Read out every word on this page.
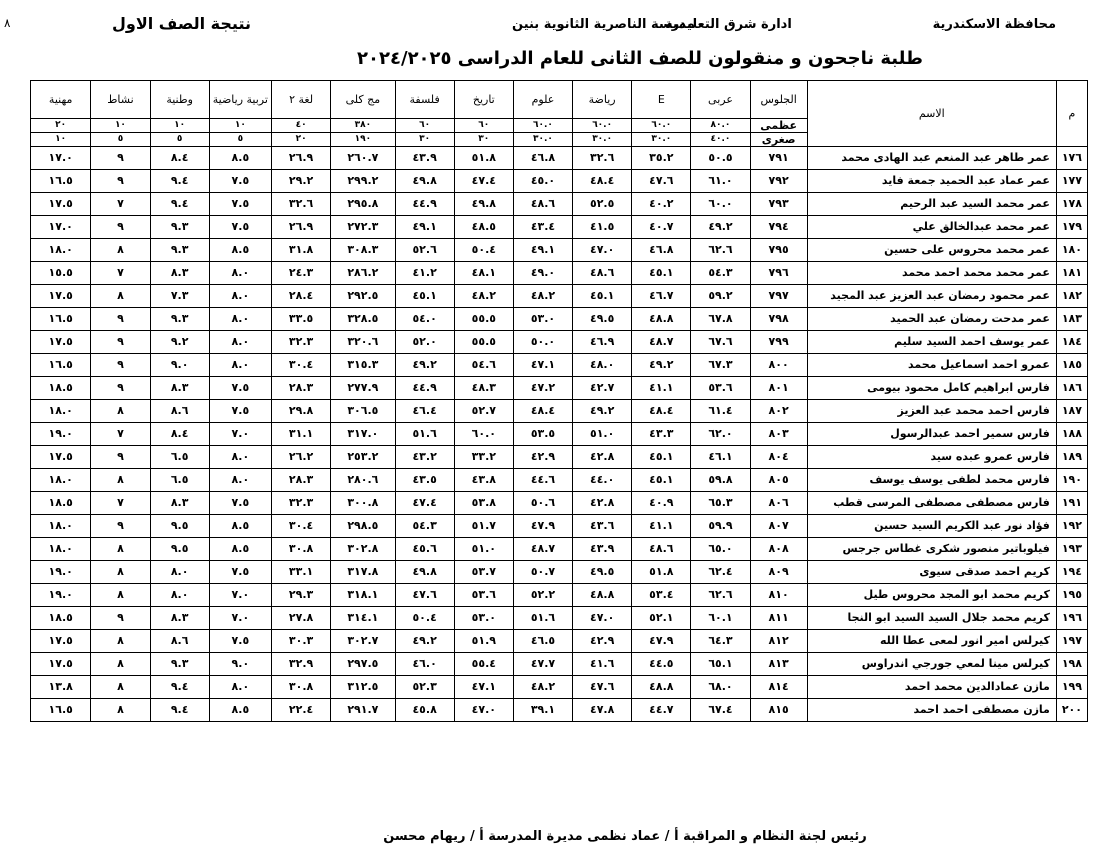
٨	نتيجة الصف الاول	مدرسة الناصرية الثانوية بنين
ادارة شرق التعليمية	محافظة الاسكندرية
طلبة ناجحون و منقولون للصف الثانى للعام الدراسى ٢٠٢٤/٢٠٢٥
م	الاسم	الجلوس	عربى	E	رياضة	علوم	تاريخ	فلسفة	مج كلى	لغة ٢	تربية رياضية	وطنية	نشاط	مهنية
		عظمى	٨٠.٠	٦٠.٠	٦٠.٠	٦٠.٠	٦٠	٦٠	٣٨٠	٤٠	١٠	١٠	١٠	٢٠
		صغرى	٤٠.٠	٣٠.٠	٣٠.٠	٣٠.٠	٣٠	٣٠	١٩٠	٢٠	٥	٥	٥	١٠
١٧٦	عمر طاهر عبد المنعم عبد الهادى محمد	٧٩١	٥٠.٥	٣٥.٢	٣٢.٦	٤٦.٨	٥١.٨	٤٣.٩	٢٦٠.٧	٢٦.٩	٨.٥	٨.٤	٩	١٧.٠
١٧٧	عمر عماد عبد الحميد جمعة فايد	٧٩٢	٦١.٠	٤٧.٦	٤٨.٤	٤٥.٠	٤٧.٤	٤٩.٨	٢٩٩.٢	٢٩.٢	٧.٥	٩.٤	٩	١٦.٥
١٧٨	عمر محمد السيد عبد الرحيم	٧٩٣	٦٠.٠	٤٠.٢	٥٢.٥	٤٨.٦	٤٩.٨	٤٤.٩	٢٩٥.٨	٣٢.٦	٧.٥	٩.٤	٧	١٧.٥
١٧٩	عمر محمد عبدالخالق علي	٧٩٤	٤٩.٢	٤٠.٧	٤١.٥	٤٣.٤	٤٨.٥	٤٩.١	٢٧٢.٣	٢٦.٩	٧.٥	٩.٣	٩	١٧.٠
١٨٠	عمر محمد محروس على حسين	٧٩٥	٦٢.٦	٤٦.٨	٤٧.٠	٤٩.١	٥٠.٤	٥٢.٦	٣٠٨.٣	٣١.٨	٨.٥	٩.٣	٨	١٨.٠
١٨١	عمر محمد محمد احمد محمد	٧٩٦	٥٤.٣	٤٥.١	٤٨.٦	٤٩.٠	٤٨.١	٤١.٢	٢٨٦.٢	٢٤.٣	٨.٠	٨.٣	٧	١٥.٥
١٨٢	عمر محمود رمضان عبد العزيز عبد المجيد	٧٩٧	٥٩.٢	٤٦.٧	٤٥.١	٤٨.٢	٤٨.٢	٤٥.١	٢٩٢.٥	٢٨.٤	٨.٠	٧.٣	٨	١٧.٥
١٨٣	عمر مدحت رمضان عبد الحميد	٧٩٨	٦٧.٨	٤٨.٨	٤٩.٥	٥٣.٠	٥٥.٥	٥٤.٠	٣٢٨.٥	٣٣.٥	٨.٠	٩.٣	٩	١٦.٥
١٨٤	عمر يوسف احمد السيد سليم	٧٩٩	٦٧.٦	٤٨.٧	٤٦.٩	٥٠.٠	٥٥.٥	٥٢.٠	٣٢٠.٦	٣٢.٣	٨.٠	٩.٢	٩	١٧.٥
١٨٥	عمرو احمد اسماعيل محمد	٨٠٠	٦٧.٣	٤٩.٢	٤٨.٠	٤٧.١	٥٤.٦	٤٩.٢	٣١٥.٣	٣٠.٤	٨.٠	٩.٠	٩	١٦.٥
١٨٦	فارس ابراهيم كامل محمود بيومى	٨٠١	٥٣.٦	٤١.١	٤٢.٧	٤٧.٢	٤٨.٣	٤٤.٩	٢٧٧.٩	٢٨.٣	٧.٥	٨.٣	٩	١٨.٥
١٨٧	فارس احمد محمد عبد العزيز	٨٠٢	٦١.٤	٤٨.٤	٤٩.٢	٤٨.٤	٥٢.٧	٤٦.٤	٣٠٦.٥	٢٩.٨	٧.٥	٨.٦	٨	١٨.٠
١٨٨	فارس سمير احمد عبدالرسول	٨٠٣	٦٢.٠	٤٣.٣	٥١.٠	٥٣.٥	٦٠.٠	٥١.٦	٣١٧.٠	٣١.١	٧.٠	٨.٤	٧	١٩.٠
١٨٩	فارس عمرو عبده سيد	٨٠٤	٤٦.١	٤٥.١	٤٢.٨	٤٢.٩	٣٣.٢	٤٣.٢	٢٥٣.٢	٢٦.٢	٨.٠	٦.٥	٩	١٧.٥
١٩٠	فارس محمد لطفى يوسف يوسف	٨٠٥	٥٩.٨	٤٥.١	٤٤.٠	٤٤.٦	٤٣.٨	٤٣.٥	٢٨٠.٦	٢٨.٣	٨.٠	٦.٥	٨	١٨.٠
١٩١	فارس مصطفى مصطفى المرسى قطب	٨٠٦	٦٥.٣	٤٠.٩	٤٢.٨	٥٠.٦	٥٣.٨	٤٧.٤	٣٠٠.٨	٣٢.٣	٧.٥	٨.٣	٧	١٨.٥
١٩٢	فؤاد نور عبد الكريم السيد حسين	٨٠٧	٥٩.٩	٤١.١	٤٣.٦	٤٧.٩	٥١.٧	٥٤.٣	٢٩٨.٥	٣٠.٤	٨.٥	٩.٥	٩	١٨.٠
١٩٣	فيلوباتير منصور شكرى غطاس جرجس	٨٠٨	٦٥.٠	٤٨.٦	٤٣.٩	٤٨.٧	٥١.٠	٤٥.٦	٣٠٢.٨	٣٠.٨	٨.٥	٩.٥	٨	١٨.٠
١٩٤	كريم احمد صدقى سيوى	٨٠٩	٦٢.٤	٥١.٨	٤٩.٥	٥٠.٧	٥٣.٧	٤٩.٨	٣١٧.٨	٣٣.١	٧.٥	٨.٠	٨	١٩.٠
١٩٥	كريم محمد ابو المجد محروس طيل	٨١٠	٦٢.٦	٥٣.٤	٤٨.٨	٥٢.٢	٥٣.٦	٤٧.٦	٣١٨.١	٢٩.٣	٧.٠	٨.٠	٨	١٩.٠
١٩٦	كريم محمد جلال السيد السيد ابو النجا	٨١١	٦٠.١	٥٢.١	٤٧.٠	٥١.٦	٥٣.٠	٥٠.٤	٣١٤.١	٢٧.٨	٧.٠	٨.٣	٩	١٨.٥
١٩٧	كيرلس امير انور لمعى عطا الله	٨١٢	٦٤.٣	٤٧.٩	٤٢.٩	٤٦.٥	٥١.٩	٤٩.٢	٣٠٢.٧	٣٠.٣	٧.٥	٨.٦	٨	١٧.٥
١٩٨	كيرلس مينا لمعي جورجي اندراوس	٨١٣	٦٥.١	٤٤.٥	٤١.٦	٤٧.٧	٥٥.٤	٤٦.٠	٢٩٧.٥	٣٢.٩	٩.٠	٩.٣	٨	١٧.٥
١٩٩	مازن عمادالدين محمد احمد	٨١٤	٦٨.٠	٤٨.٨	٤٧.٦	٤٨.٢	٤٧.١	٥٢.٣	٣١٢.٥	٣٠.٨	٨.٠	٩.٤	٨	١٣.٨
٢٠٠	مازن مصطفى احمد احمد	٨١٥	٦٧.٤	٤٤.٧	٤٧.٨	٣٩.١	٤٧.٠	٤٥.٨	٢٩١.٧	٢٢.٤	٨.٥	٩.٤	٨	١٦.٥
رئيس لجنة النظام و المراقبة أ / عماد نظمى مديرة المدرسة أ / ريهام محسن
